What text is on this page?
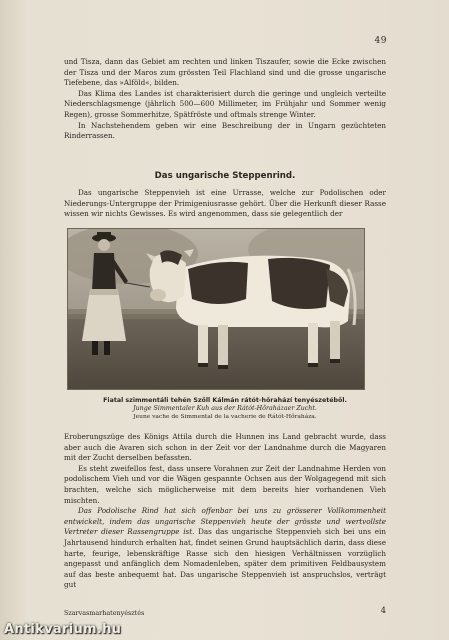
49

und Tisza, dann das Gebiet am rechten und linken Tiszaufer, sowie die Ecke zwischen der Tisza und der Maros zum grössten Teil Flachland sind und die grosse ungarische Tiefebene, das »Alföld«, bilden.

Das Klima des Landes ist charakterisiert durch die geringe und ungleich verteilte Niederschlagsmenge (jährlich 500—600 Millimeter, im Frühjahr und Sommer wenig Regen), grosse Sommerhitze, Spätfröste und oftmals strenge Winter.

In Nachstehendem geben wir eine Beschreibung der in Ungarn gezüchteten Rinderrassen.

Das ungarische Steppenrind.

Das ungarische Steppenvieh ist eine Urrasse, welche zur Podolischen oder Niederungs-Untergruppe der Primigeniusrasse gehört. Über die Herkunft dieser Rasse wissen wir nichts Gewisses. Es wird angenommen, dass sie gelegentlich der

Fiatal szimmentáli tehén Szőll Kálmán rátót-hőrahází tenyészetéből.
Junge Simmentaler Kuh aus der Rátót-Hőraházaer Zucht.
Jeune vache de Simmental de la vacherie de Rátót-Hőraháza.

Eroberungszüge des Königs Attila durch die Hunnen ins Land gebracht wurde, dass aber auch die Avaren sich schon in der Zeit vor der Landnahme durch die Magyaren mit der Zucht derselben befassten.

Es steht zweifellos fest, dass unsere Vorahnen zur Zeit der Landnahme Herden von podolischem Vieh und vor die Wägen gespannte Ochsen aus der Wolgagegend mit sich brachten, welche sich möglicherweise mit dem bereits hier vorhandenen Vieh mischten.

Das Podolische Rind hat sich offenbar bei uns zu grösserer Vollkommenheit entwickelt, indem das ungarische Steppenvieh heute der grösste und wertvollste Vertreter dieser Rassengruppe ist. Das das ungarische Steppenvieh sich bei uns ein Jahrtausend hindurch erhalten hat, findet seinen Grund hauptsächlich darin, dass diese harte, feurige, lebenskräftige Rasse sich den hiesigen Verhältnissen vorzüglich angepasst und anfänglich dem Nomadenleben, später dem primitiven Feldbausystem auf das beste anbequemt hat. Das ungarische Steppenvieh ist anspruchslos, verträgt gut

Szarvasmarhatenyésztés	4
Antikvarium.hu
